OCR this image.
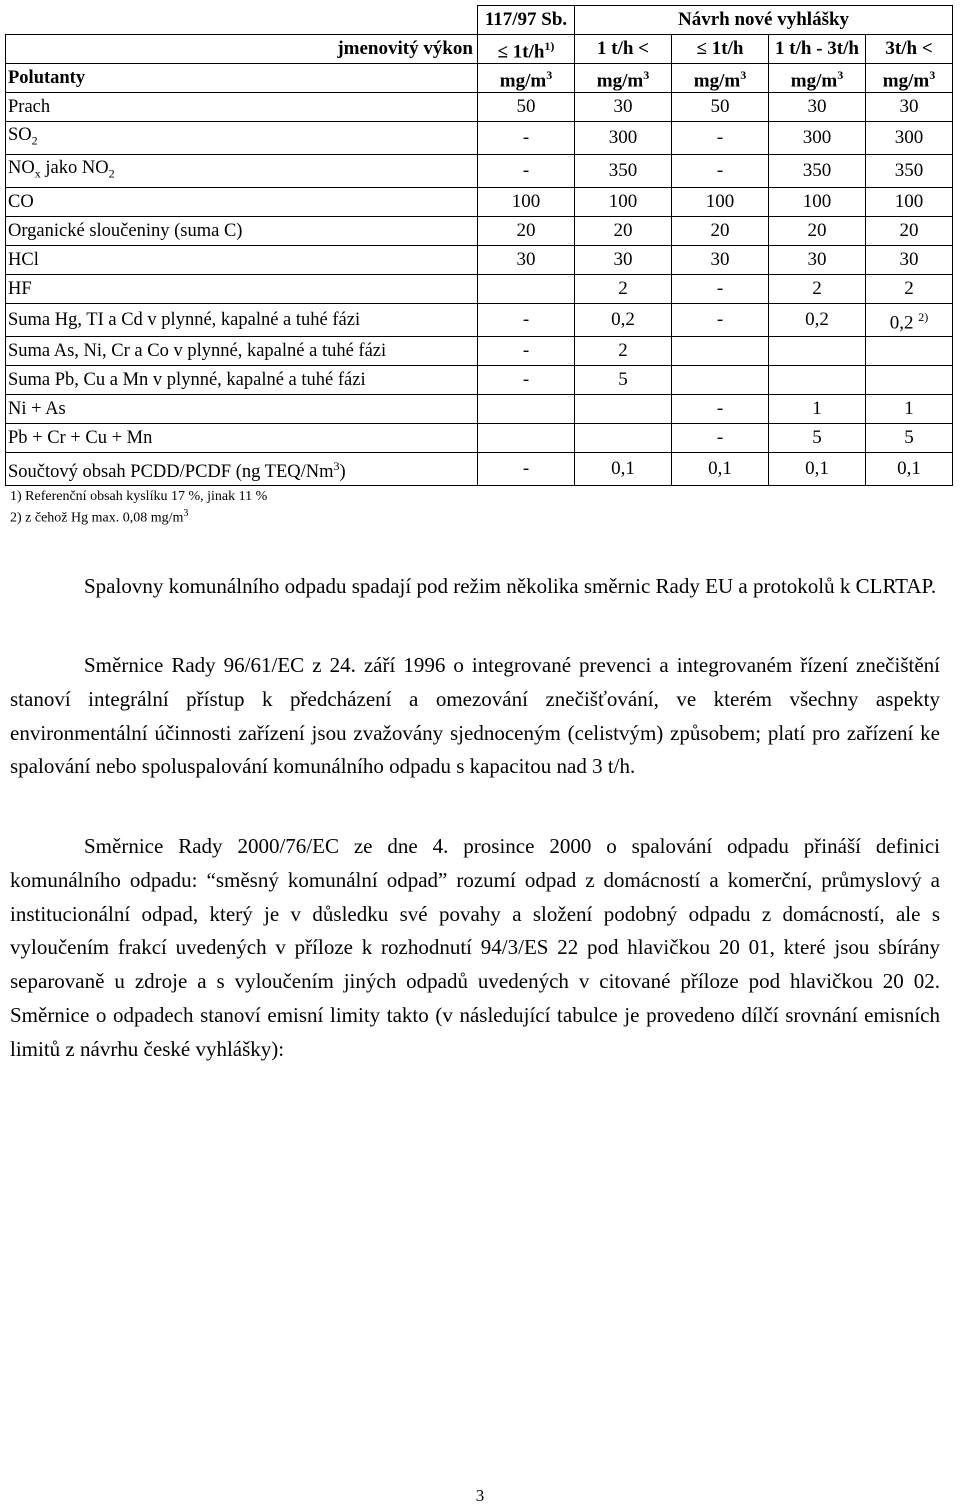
	117/97 Sb.	Návrh nové vyhlášky			
jmenovitý výkon	≤ $1t/h^{1)}$	1 t/h <	≤ 1t/h	1 t/h - 3t/h	3t/h <
Polutanty	$mg/m^3$	$mg/m^3$	$mg/m^3$	$mg/m^3$	$mg/m^3$
Prach	50	30	50	30	30
$SO_2$	-	300	-	300	300
$NO_x$ jako $NO_2$	-	350	-	350	350
CO	100	100	100	100	100
Organické sloučeniny (suma C)	20	20	20	20	20
HCl	30	30	30	30	30
HF		2	-	2	2
Suma Hg, TI a Cd v plynné, kapalné a tuhé fázi	-	0,2	-	0,2	0,2 $^{2)}$
Suma As, Ni, Cr a Co v plynné, kapalné a tuhé fázi	-	2			
Suma Pb, Cu a Mn v plynné, kapalné a tuhé fázi	-	5			
Ni + As			-	1	1
Pb + Cr + Cu + Mn			-	5	5
Součtový obsah PCDD/PCDF (ng TEQ/Nm$^3$)	-	0,1	0,1	0,1	0,1
1) Referenční obsah kyslíku 17 %, jinak 11 %
2) z čehož Hg max. 0,08 $mg/m^3$
Spalovny komunálního odpadu spadají pod režim několika směrnic Rady EU a protokolů k CLRTAP.
Směrnice Rady 96/61/EC z 24. září 1996 o integrované prevenci a integrovaném řízení znečištění stanoví integrální přístup k předcházení a omezování znečišťování, ve kterém všechny aspekty environmentální účinnosti zařízení jsou zvažovány sjednoceným (celistvým) způsobem; platí pro zařízení ke spalování nebo spoluspalování komunálního odpadu s kapacitou nad 3 t/h.
Směrnice Rady 2000/76/EC ze dne 4. prosince 2000 o spalování odpadu přináší definici komunálního odpadu: “směsný komunální odpad” rozumí odpad z domácností a komerční, průmyslový a institucionální odpad, který je v důsledku své povahy a složení podobný odpadu z domácností, ale s vyloučením frakcí uvedených v příloze k rozhodnutí 94/3/ES 22 pod hlavičkou 20 01, které jsou sbírány separovaně u zdroje a s vyloučením jiných odpadů uvedených v citované příloze pod hlavičkou 20 02. Směrnice o odpadech stanoví emisní limity takto (v následující tabulce je provedeno dílčí srovnání emisních limitů z návrhu české vyhlášky):
3
